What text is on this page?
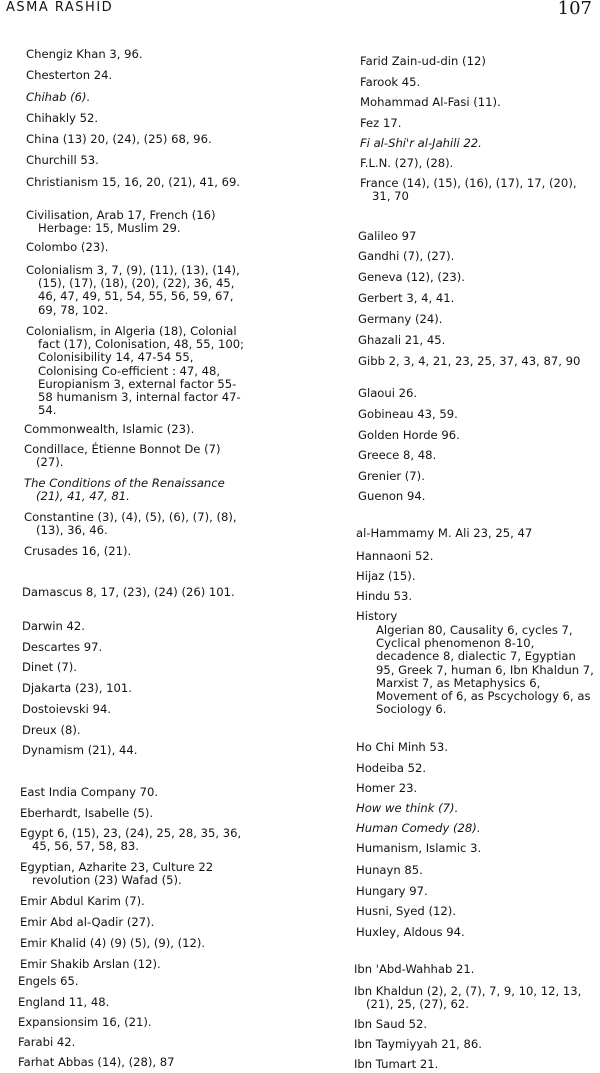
ASMA RASHID	107
Chengiz Khan 3, 96.
Chesterton 24.
Chihab (6).
Chihakly 52.
China (13) 20, (24), (25) 68, 96.
Churchill 53.
Christianism 15, 16, 20, (21), 41, 69.
Civilisation, Arab 17, French (16) Herbage: 15, Muslim 29.
Colombo (23).
Colonialism 3, 7, (9), (11), (13), (14), (15), (17), (18), (20), (22), 36, 45, 46, 47, 49, 51, 54, 55, 56, 59, 67, 69, 78, 102.
Colonialism, in Algeria (18), Colonial fact (17), Colonisation, 48, 55, 100; Colonisibility 14, 47-54 55, Colonising Co-efficient : 47, 48, Europianism 3, external factor 55-58 humanism 3, internal factor 47-54.
Commonwealth, Islamic (23).
Condillace, Étienne Bonnot De (7) (27).
The Conditions of the Renaissance (21), 41, 47, 81.
Constantine (3), (4), (5), (6), (7), (8), (13), 36, 46.
Crusades 16, (21).
Damascus 8, 17, (23), (24) (26) 101.
Darwin 42.
Descartes 97.
Dinet (7).
Djakarta (23), 101.
Dostoievski 94.
Dreux (8).
Dynamism (21), 44.
East India Company 70.
Eberhardt, Isabelle (5).
Egypt 6, (15), 23, (24), 25, 28, 35, 36, 45, 56, 57, 58, 83.
Egyptian, Azharite 23, Culture 22 revolution (23) Wafad (5).
Emir Abdul Karim (7).
Emir Abd al-Qadir (27).
Emir Khalid (4) (9) (5), (9), (12).
Emir Shakib Arslan (12).
Engels 65.
England 11, 48.
Expansionsim 16, (21).
Farabi 42.
Farhat Abbas (14), (28), 87
Farid Zain-ud-din (12)
Farook 45.
Mohammad Al-Fasi (11).
Fez 17.
Fi al-Shi'r al-Jahili 22.
F.L.N. (27), (28).
France (14), (15), (16), (17), 17, (20), 31, 70
Galileo 97
Gandhi (7), (27).
Geneva (12), (23).
Gerbert 3, 4, 41.
Germany (24).
Ghazali 21, 45.
Gibb 2, 3, 4, 21, 23, 25, 37, 43, 87, 90
Glaoui 26.
Gobineau 43, 59.
Golden Horde 96.
Greece 8, 48.
Grenier (7).
Guenon 94.
al-Hammamy M. Ali 23, 25, 47
Hannaoni 52.
Hijaz (15).
Hindu 53.
History
Algerian 80, Causality 6, cycles 7, Cyclical phenomenon 8-10, decadence 8, dialectic 7, Egyptian 95, Greek 7, human 6, Ibn Khaldun 7, Marxist 7, as Metaphysics 6, Movement of 6, as Pscychology 6, as Sociology 6.
Ho Chi Minh 53.
Hodeiba 52.
Homer 23.
How we think (7).
Human Comedy (28).
Humanism, Islamic 3.
Hunayn 85.
Hungary 97.
Husni, Syed (12).
Huxley, Aldous 94.
Ibn 'Abd-Wahhab 21.
Ibn Khaldun (2), 2, (7), 7, 9, 10, 12, 13, (21), 25, (27), 62.
Ibn Saud 52.
Ibn Taymiyyah 21, 86.
Ibn Tumart 21.
